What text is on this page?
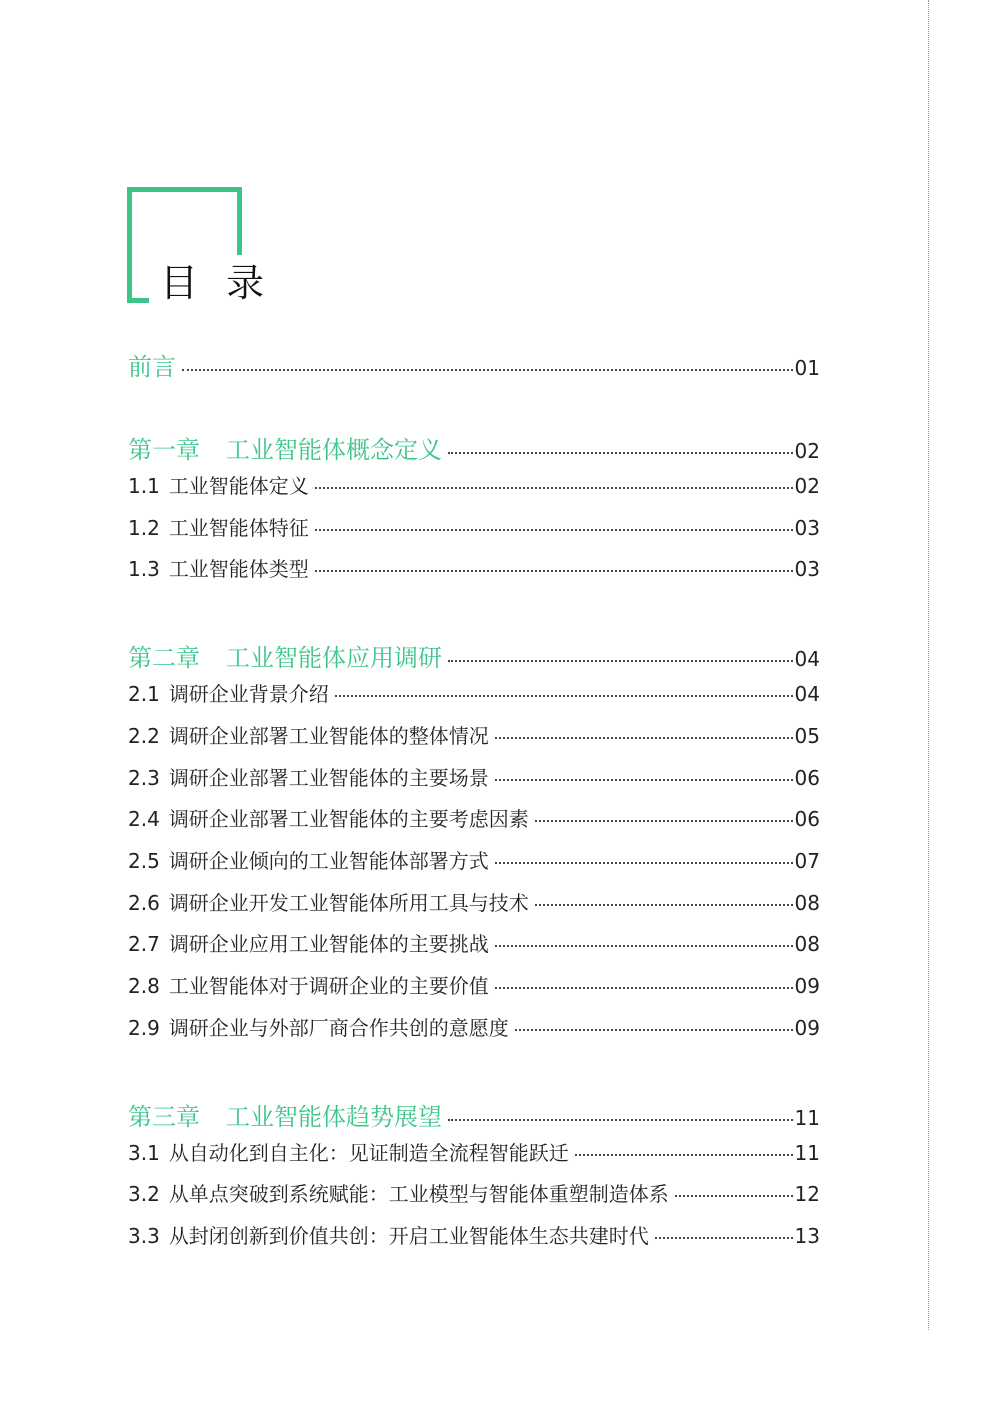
目 录
前言	01
第一章 工业智能体概念定义	02
1.1 工业智能体定义	02
1.2 工业智能体特征	03
1.3 工业智能体类型	03
第二章 工业智能体应用调研	04
2.1 调研企业背景介绍	04
2.2 调研企业部署工业智能体的整体情况	05
2.3 调研企业部署工业智能体的主要场景	06
2.4 调研企业部署工业智能体的主要考虑因素	06
2.5 调研企业倾向的工业智能体部署方式	07
2.6 调研企业开发工业智能体所用工具与技术	08
2.7 调研企业应用工业智能体的主要挑战	08
2.8 工业智能体对于调研企业的主要价值	09
2.9 调研企业与外部厂商合作共创的意愿度	09
第三章 工业智能体趋势展望	11
3.1 从自动化到自主化：见证制造全流程智能跃迁	11
3.2 从单点突破到系统赋能：工业模型与智能体重塑制造体系	12
3.3 从封闭创新到价值共创：开启工业智能体生态共建时代	13
